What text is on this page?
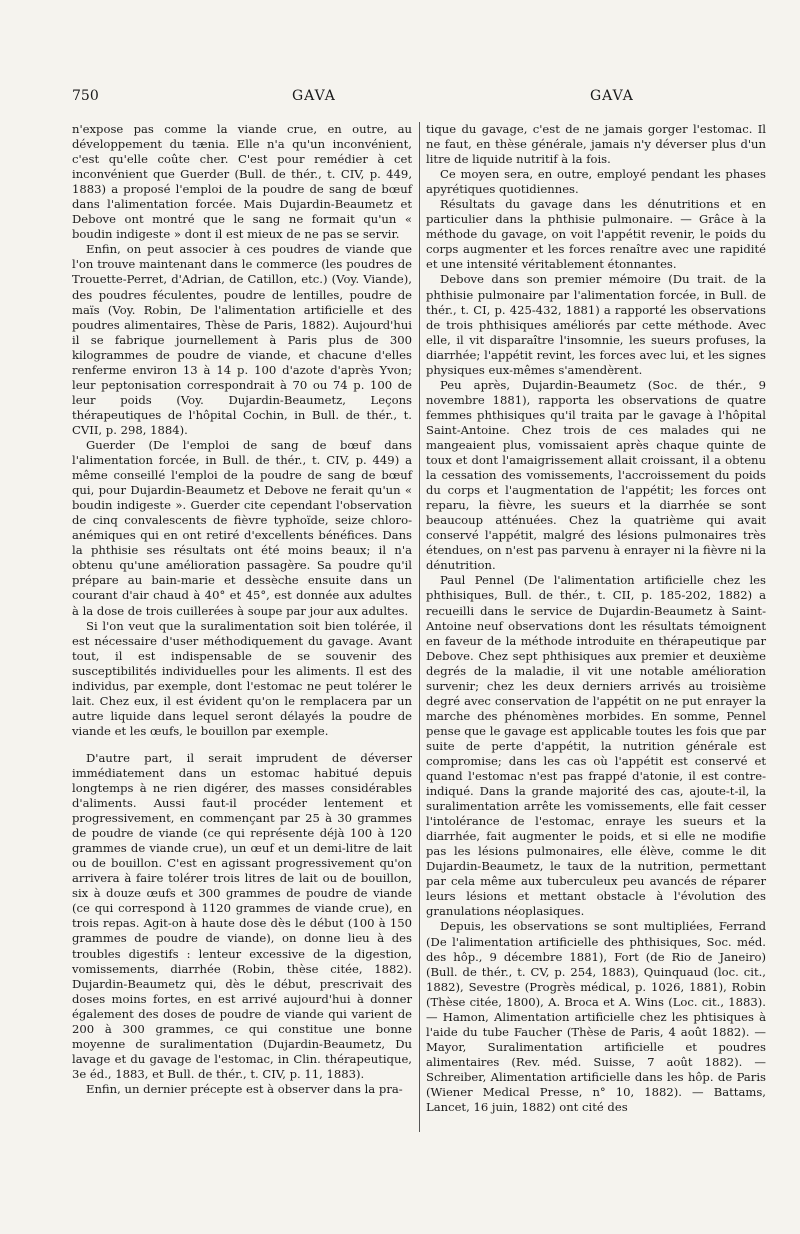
750	GAVA	GAVA

n'expose pas comme la viande crue, en outre, au développement du tænia. Elle n'a qu'un inconvénient, c'est qu'elle coûte cher. C'est pour remédier à cet inconvénient que Guerder (Bull. de thér., t. CIV, p. 449, 1883) a proposé l'emploi de la poudre de sang de bœuf dans l'alimentation forcée. Mais Dujardin-Beaumetz et Debove ont montré que le sang ne formait qu'un « boudin indigeste » dont il est mieux de ne pas se servir.

Enfin, on peut associer à ces poudres de viande que l'on trouve maintenant dans le commerce (les poudres de Trouette-Perret, d'Adrian, de Catillon, etc.) (Voy. Viande), des poudres féculentes, poudre de lentilles, poudre de maïs (Voy. Robin, De l'alimentation artificielle et des poudres alimentaires, Thèse de Paris, 1882). Aujourd'hui il se fabrique journellement à Paris plus de 300 kilogrammes de poudre de viande, et chacune d'elles renferme environ 13 à 14 p. 100 d'azote d'après Yvon; leur peptonisation correspondrait à 70 ou 74 p. 100 de leur poids (Voy. Dujardin-Beaumetz, Leçons thérapeutiques de l'hôpital Cochin, in Bull. de thér., t. CVII, p. 298, 1884).

Guerder (De l'emploi de sang de bœuf dans l'alimentation forcée, in Bull. de thér., t. CIV, p. 449) a même conseillé l'emploi de la poudre de sang de bœuf qui, pour Dujardin-Beaumetz et Debove ne ferait qu'un « boudin indigeste ». Guerder cite cependant l'observation de cinq convalescents de fièvre typhoïde, seize chloro-anémiques qui en ont retiré d'excellents bénéfices. Dans la phthisie ses résultats ont été moins beaux; il n'a obtenu qu'une amélioration passagère. Sa poudre qu'il prépare au bain-marie et dessèche ensuite dans un courant d'air chaud à 40° et 45°, est donnée aux adultes à la dose de trois cuillerées à soupe par jour aux adultes.

Si l'on veut que la suralimentation soit bien tolérée, il est nécessaire d'user méthodiquement du gavage. Avant tout, il est indispensable de se souvenir des susceptibilités individuelles pour les aliments. Il est des individus, par exemple, dont l'estomac ne peut tolérer le lait. Chez eux, il est évident qu'on le remplacera par un autre liquide dans lequel seront délayés la poudre de viande et les œufs, le bouillon par exemple.

D'autre part, il serait imprudent de déverser immédiatement dans un estomac habitué depuis longtemps à ne rien digérer, des masses considérables d'aliments. Aussi faut-il procéder lentement et progressivement, en commençant par 25 à 30 grammes de poudre de viande (ce qui représente déjà 100 à 120 grammes de viande crue), un œuf et un demi-litre de lait ou de bouillon. C'est en agissant progressivement qu'on arrivera à faire tolérer trois litres de lait ou de bouillon, six à douze œufs et 300 grammes de poudre de viande (ce qui correspond à 1120 grammes de viande crue), en trois repas. Agit-on à haute dose dès le début (100 à 150 grammes de poudre de viande), on donne lieu à des troubles digestifs : lenteur excessive de la digestion, vomissements, diarrhée (Robin, thèse citée, 1882). Dujardin-Beaumetz qui, dès le début, prescrivait des doses moins fortes, en est arrivé aujourd'hui à donner également des doses de poudre de viande qui varient de 200 à 300 grammes, ce qui constitue une bonne moyenne de suralimentation (Dujardin-Beaumetz, Du lavage et du gavage de l'estomac, in Clin. thérapeutique, 3e éd., 1883, et Bull. de thér., t. CIV, p. 11, 1883).

Enfin, un dernier précepte est à observer dans la pra-

tique du gavage, c'est de ne jamais gorger l'estomac. Il ne faut, en thèse générale, jamais n'y déverser plus d'un litre de liquide nutritif à la fois.

Ce moyen sera, en outre, employé pendant les phases apyrétiques quotidiennes.

Résultats du gavage dans les dénutritions et en particulier dans la phthisie pulmonaire. — Grâce à la méthode du gavage, on voit l'appétit revenir, le poids du corps augmenter et les forces renaître avec une rapidité et une intensité véritablement étonnantes.

Debove dans son premier mémoire (Du trait. de la phthisie pulmonaire par l'alimentation forcée, in Bull. de thér., t. CI, p. 425-432, 1881) a rapporté les observations de trois phthisiques améliorés par cette méthode. Avec elle, il vit disparaître l'insomnie, les sueurs profuses, la diarrhée; l'appétit revint, les forces avec lui, et les signes physiques eux-mêmes s'amendèrent.

Peu après, Dujardin-Beaumetz (Soc. de thér., 9 novembre 1881), rapporta les observations de quatre femmes phthisiques qu'il traita par le gavage à l'hôpital Saint-Antoine. Chez trois de ces malades qui ne mangeaient plus, vomissaient après chaque quinte de toux et dont l'amaigrissement allait croissant, il a obtenu la cessation des vomissements, l'accroissement du poids du corps et l'augmentation de l'appétit; les forces ont reparu, la fièvre, les sueurs et la diarrhée se sont beaucoup atténuées. Chez la quatrième qui avait conservé l'appétit, malgré des lésions pulmonaires très étendues, on n'est pas parvenu à enrayer ni la fièvre ni la dénutrition.

Paul Pennel (De l'alimentation artificielle chez les phthisiques, Bull. de thér., t. CII, p. 185-202, 1882) a recueilli dans le service de Dujardin-Beaumetz à Saint-Antoine neuf observations dont les résultats témoignent en faveur de la méthode introduite en thérapeutique par Debove. Chez sept phthisiques aux premier et deuxième degrés de la maladie, il vit une notable amélioration survenir; chez les deux derniers arrivés au troisième degré avec conservation de l'appétit on ne put enrayer la marche des phénomènes morbides. En somme, Pennel pense que le gavage est applicable toutes les fois que par suite de perte d'appétit, la nutrition générale est compromise; dans les cas où l'appétit est conservé et quand l'estomac n'est pas frappé d'atonie, il est contre-indiqué. Dans la grande majorité des cas, ajoute-t-il, la suralimentation arrête les vomissements, elle fait cesser l'intolérance de l'estomac, enraye les sueurs et la diarrhée, fait augmenter le poids, et si elle ne modifie pas les lésions pulmonaires, elle élève, comme le dit Dujardin-Beaumetz, le taux de la nutrition, permettant par cela même aux tuberculeux peu avancés de réparer leurs lésions et mettant obstacle à l'évolution des granulations néoplasiques.

Depuis, les observations se sont multipliées, Ferrand (De l'alimentation artificielle des phthisiques, Soc. méd. des hôp., 9 décembre 1881), Fort (de Rio de Janeiro) (Bull. de thér., t. CV, p. 254, 1883), Quinquaud (loc. cit., 1882), Sevestre (Progrès médical, p. 1026, 1881), Robin (Thèse citée, 1800), A. Broca et A. Wins (Loc. cit., 1883). — Hamon, Alimentation artificielle chez les phtisiques à l'aide du tube Faucher (Thèse de Paris, 4 août 1882). — Mayor, Suralimentation artificielle et poudres alimentaires (Rev. méd. Suisse, 7 août 1882). — Schreiber, Alimentation artificielle dans les hôp. de Paris (Wiener Medical Presse, n° 10, 1882). — Battams, Lancet, 16 juin, 1882) ont cité des
